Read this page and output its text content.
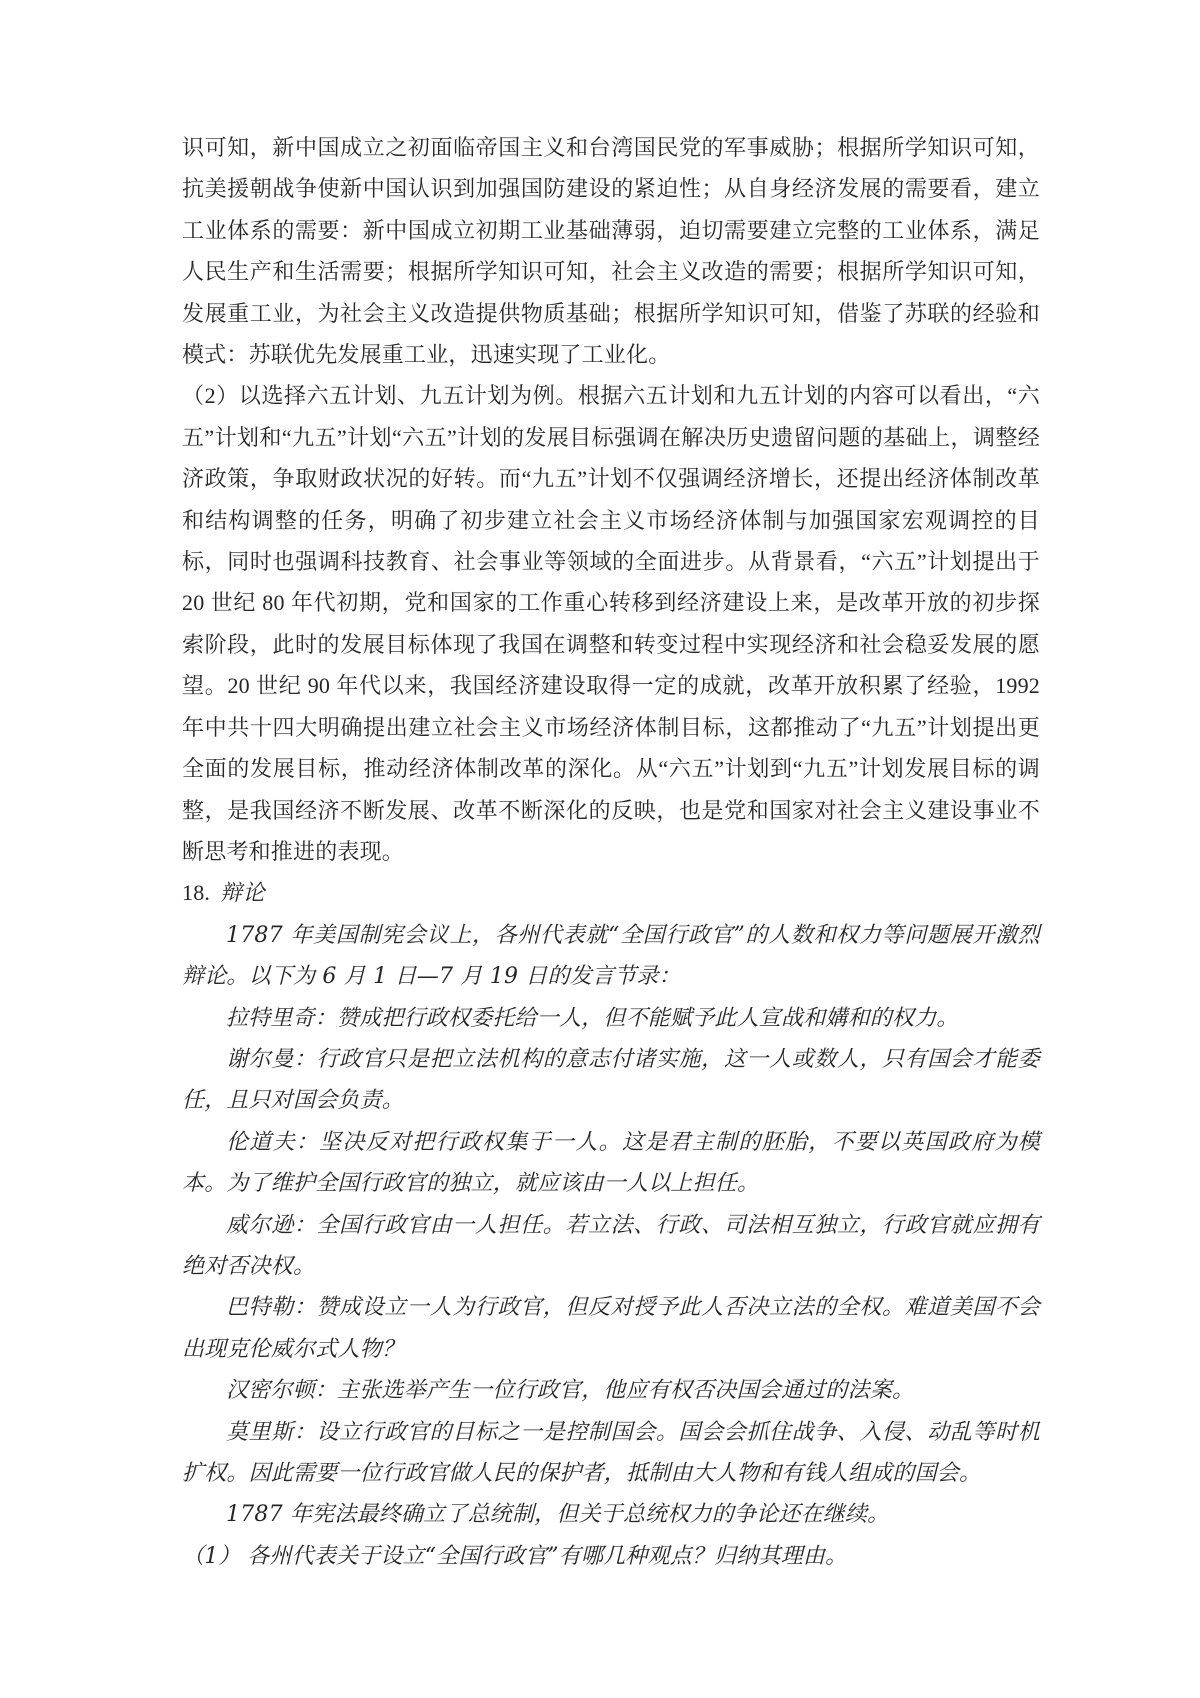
识可知，新中国成立之初面临帝国主义和台湾国民党的军事威胁；根据所学知识可知，抗美援朝战争使新中国认识到加强国防建设的紧迫性；从自身经济发展的需要看，建立工业体系的需要：新中国成立初期工业基础薄弱，迫切需要建立完整的工业体系，满足人民生产和生活需要；根据所学知识可知，社会主义改造的需要；根据所学知识可知，发展重工业，为社会主义改造提供物质基础；根据所学知识可知，借鉴了苏联的经验和模式：苏联优先发展重工业，迅速实现了工业化。

（2）以选择六五计划、九五计划为例。根据六五计划和九五计划的内容可以看出，“六五”计划和“九五”计划“六五”计划的发展目标强调在解决历史遗留问题的基础上，调整经济政策，争取财政状况的好转。而“九五”计划不仅强调经济增长，还提出经济体制改革和结构调整的任务，明确了初步建立社会主义市场经济体制与加强国家宏观调控的目标，同时也强调科技教育、社会事业等领域的全面进步。从背景看，“六五”计划提出于 20 世纪 80 年代初期，党和国家的工作重心转移到经济建设上来，是改革开放的初步探索阶段，此时的发展目标体现了我国在调整和转变过程中实现经济和社会稳妥发展的愿望。20 世纪 90 年代以来，我国经济建设取得一定的成就，改革开放积累了经验，1992 年中共十四大明确提出建立社会主义市场经济体制目标，这都推动了“九五”计划提出更全面的发展目标，推动经济体制改革的深化。从“六五”计划到“九五”计划发展目标的调整，是我国经济不断发展、改革不断深化的反映，也是党和国家对社会主义建设事业不断思考和推进的表现。

18. 辩论

1787 年美国制宪会议上，各州代表就“全国行政官”的人数和权力等问题展开激烈辩论。以下为 6 月 1 日—7 月 19 日的发言节录：

拉特里奇：赞成把行政权委托给一人，但不能赋予此人宣战和媾和的权力。

谢尔曼：行政官只是把立法机构的意志付诸实施，这一人或数人，只有国会才能委任，且只对国会负责。

伦道夫：坚决反对把行政权集于一人。这是君主制的胚胎，不要以英国政府为模本。为了维护全国行政官的独立，就应该由一人以上担任。

威尔逊：全国行政官由一人担任。若立法、行政、司法相互独立，行政官就应拥有绝对否决权。

巴特勒：赞成设立一人为行政官，但反对授予此人否决立法的全权。难道美国不会出现克伦威尔式人物？

汉密尔顿：主张选举产生一位行政官，他应有权否决国会通过的法案。

莫里斯：设立行政官的目标之一是控制国会。国会会抓住战争、入侵、动乱等时机扩权。因此需要一位行政官做人民的保护者，抵制由大人物和有钱人组成的国会。

1787 年宪法最终确立了总统制，但关于总统权力的争论还在继续。

（1） 各州代表关于设立“全国行政官”有哪几种观点？归纳其理由。
